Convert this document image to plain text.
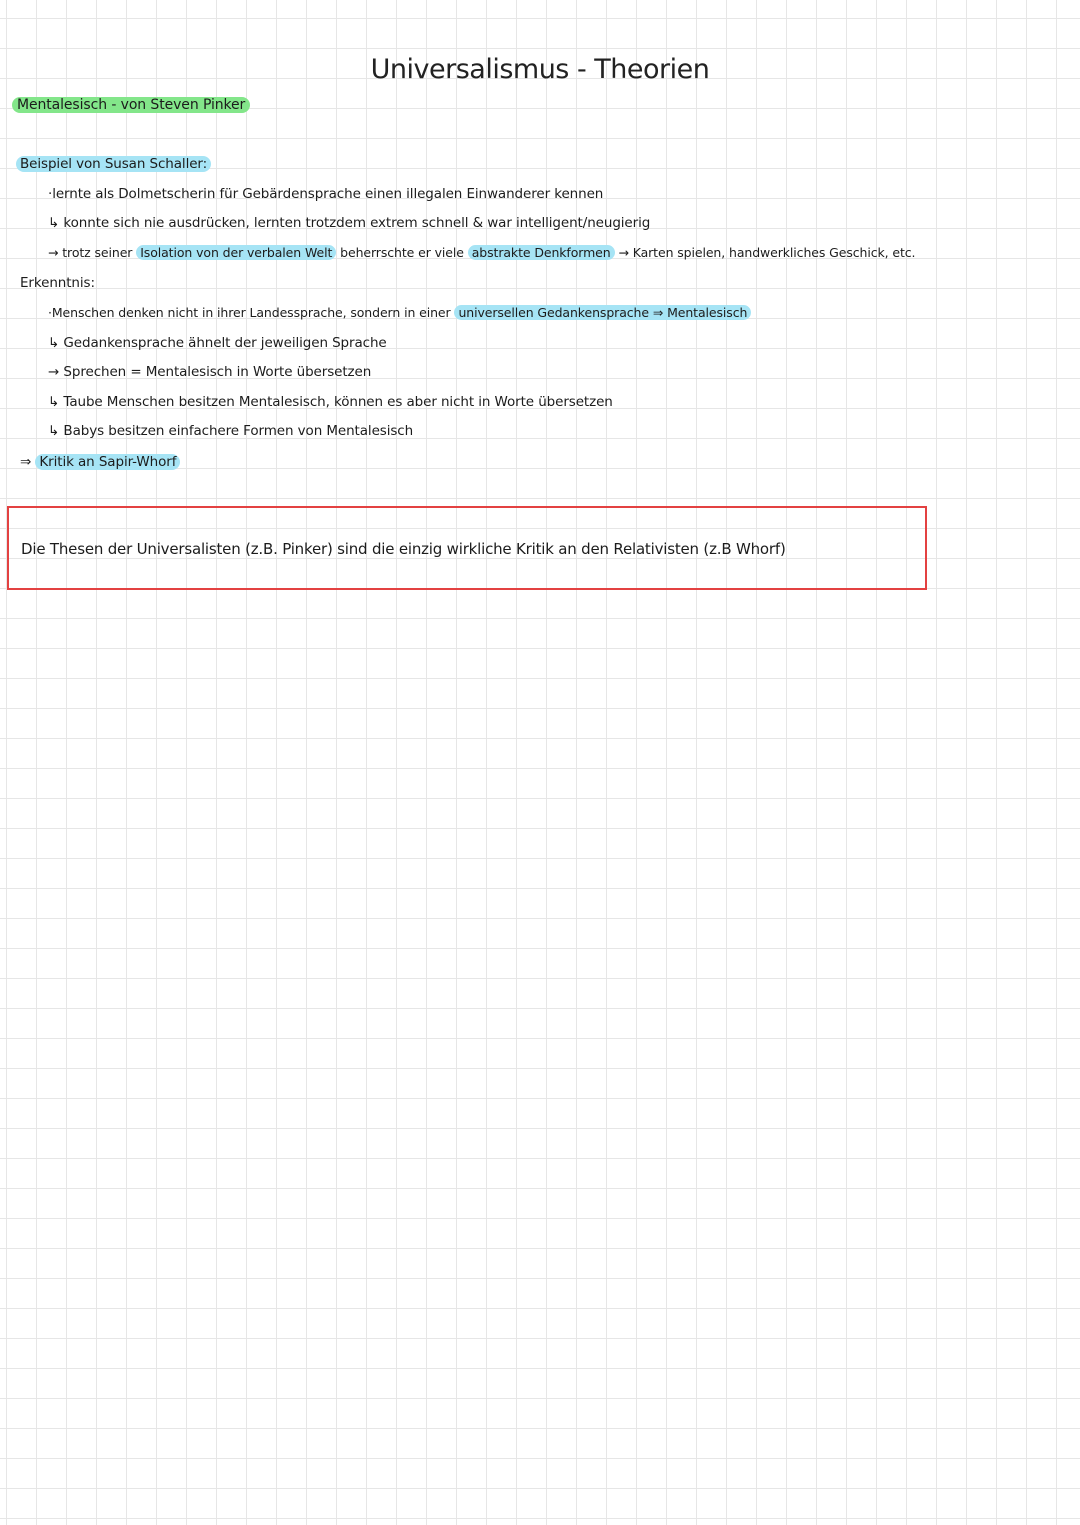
Universalismus - Theorien
Mentalesisch - von Steven Pinker
Beispiel von Susan Schaller:
·lernte als Dolmetscherin für Gebärdensprache einen illegalen Einwanderer kennen
↳ konnte sich nie ausdrücken, lernten trotzdem extrem schnell & war intelligent/neugierig
→ trotz seiner Isolation von der verbalen Welt beherrschte er viele abstrakte Denkformen → Karten spielen, handwerkliches Geschick, etc.
Erkenntnis:
·Menschen denken nicht in ihrer Landessprache, sondern in einer universellen Gedankensprache ⇒ Mentalesisch
↳ Gedankensprache ähnelt der jeweiligen Sprache
→ Sprechen = Mentalesisch in Worte übersetzen
↳ Taube Menschen besitzen Mentalesisch, können es aber nicht in Worte übersetzen
↳ Babys besitzen einfachere Formen von Mentalesisch
⇒ Kritik an Sapir-Whorf
Die Thesen der Universalisten (z.B. Pinker) sind die einzig wirkliche Kritik an den Relativisten (z.B Whorf)
